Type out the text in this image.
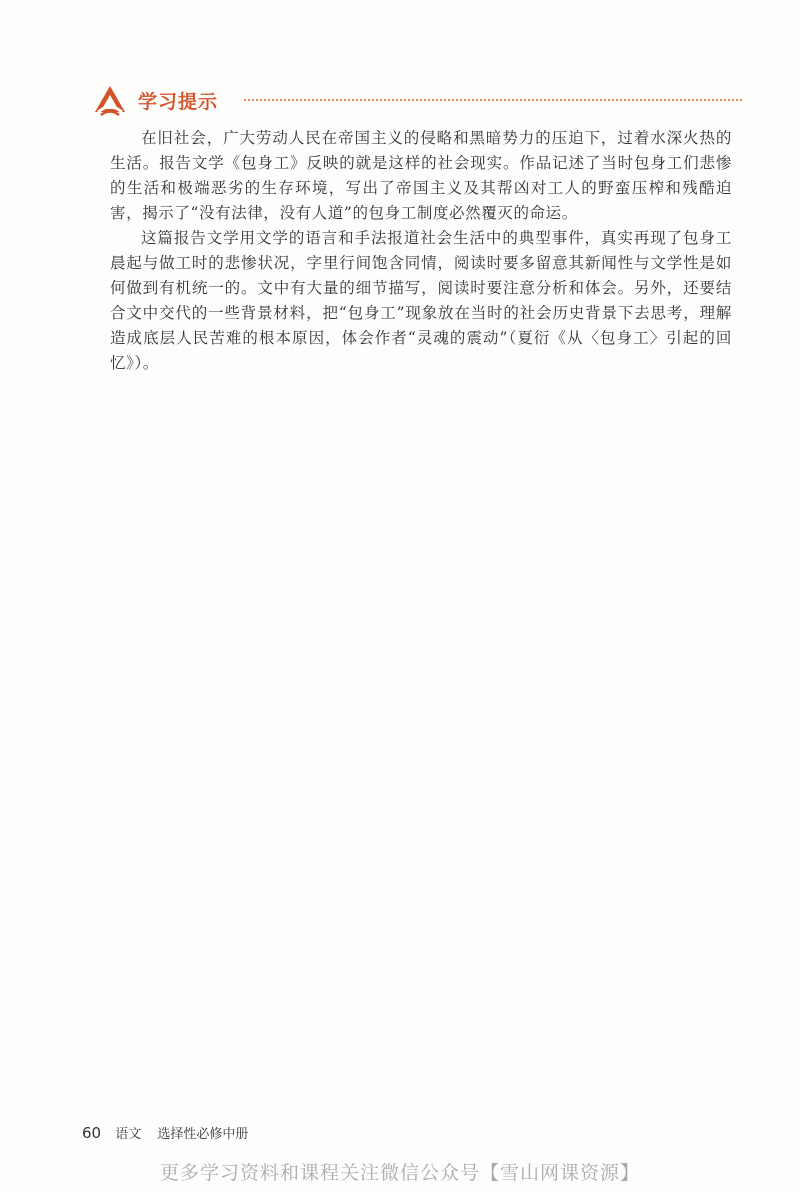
学习提示

在旧社会，广大劳动人民在帝国主义的侵略和黑暗势力的压迫下，过着水深火热的生活。报告文学《包身工》反映的就是这样的社会现实。作品记述了当时包身工们悲惨的生活和极端恶劣的生存环境，写出了帝国主义及其帮凶对工人的野蛮压榨和残酷迫害，揭示了“没有法律，没有人道”的包身工制度必然覆灭的命运。

这篇报告文学用文学的语言和手法报道社会生活中的典型事件，真实再现了包身工晨起与做工时的悲惨状况，字里行间饱含同情，阅读时要多留意其新闻性与文学性是如何做到有机统一的。文中有大量的细节描写，阅读时要注意分析和体会。另外，还要结合文中交代的一些背景材料，把“包身工”现象放在当时的社会历史背景下去思考，理解造成底层人民苦难的根本原因，体会作者“灵魂的震动”（夏衍《从〈包身工〉引起的回忆》）。

60 语文 选择性必修中册
更多学习资料和课程关注微信公众号【雪山网课资源】
